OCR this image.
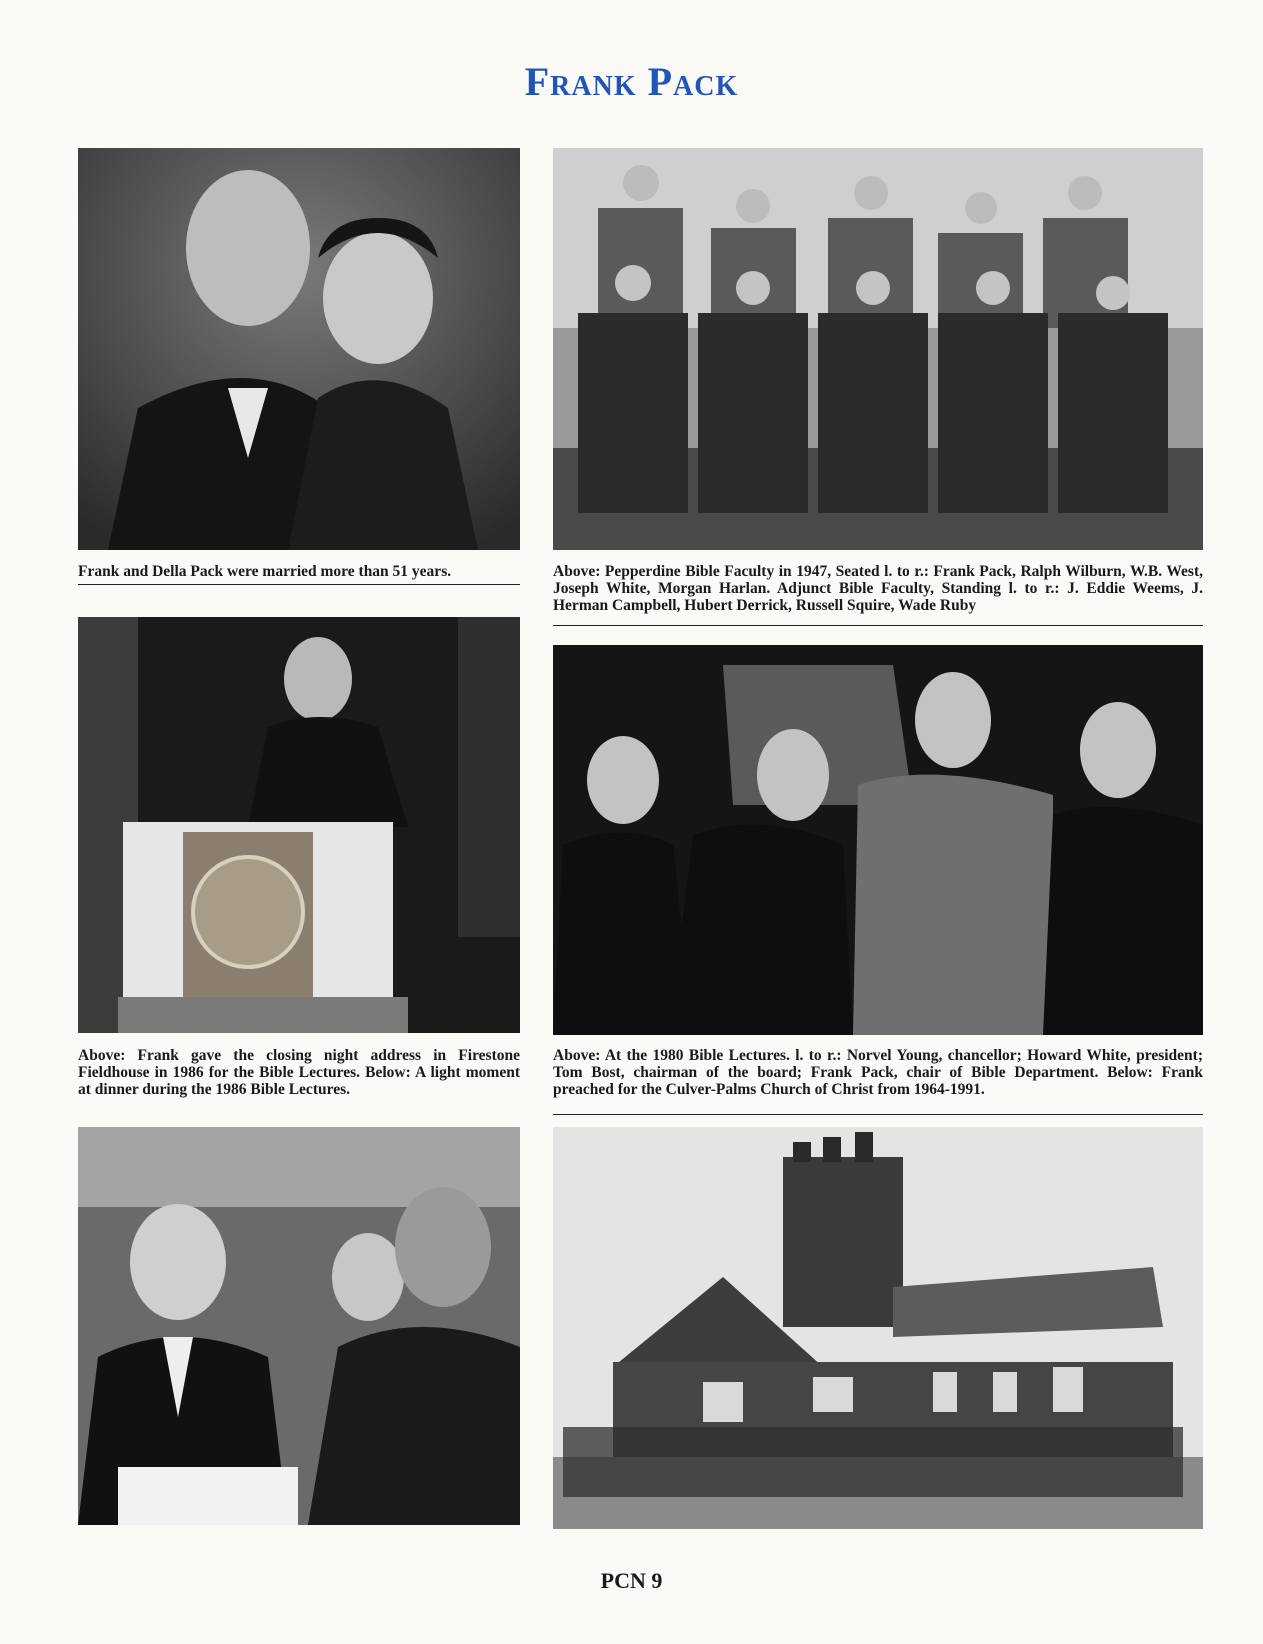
Frank Pack
Frank and Della Pack were married more than 51 years.	Above: Pepperdine Bible Faculty in 1947, Seated l. to r.: Frank Pack, Ralph Wilburn, W.B. West, Joseph White, Morgan Harlan. Adjunct Bible Faculty, Standing l. to r.: J. Eddie Weems, J. Herman Campbell, Hubert Derrick, Russell Squire, Wade Ruby
Above: Frank gave the closing night address in Firestone Fieldhouse in 1986 for the Bible Lectures. Below: A light moment at dinner during the 1986 Bible Lectures.
Above: At the 1980 Bible Lectures. l. to r.: Norvel Young, chancellor; Howard White, president; Tom Bost, chairman of the board; Frank Pack, chair of Bible Department. Below: Frank preached for the Culver-Palms Church of Christ from 1964-1991.
PCN 9
